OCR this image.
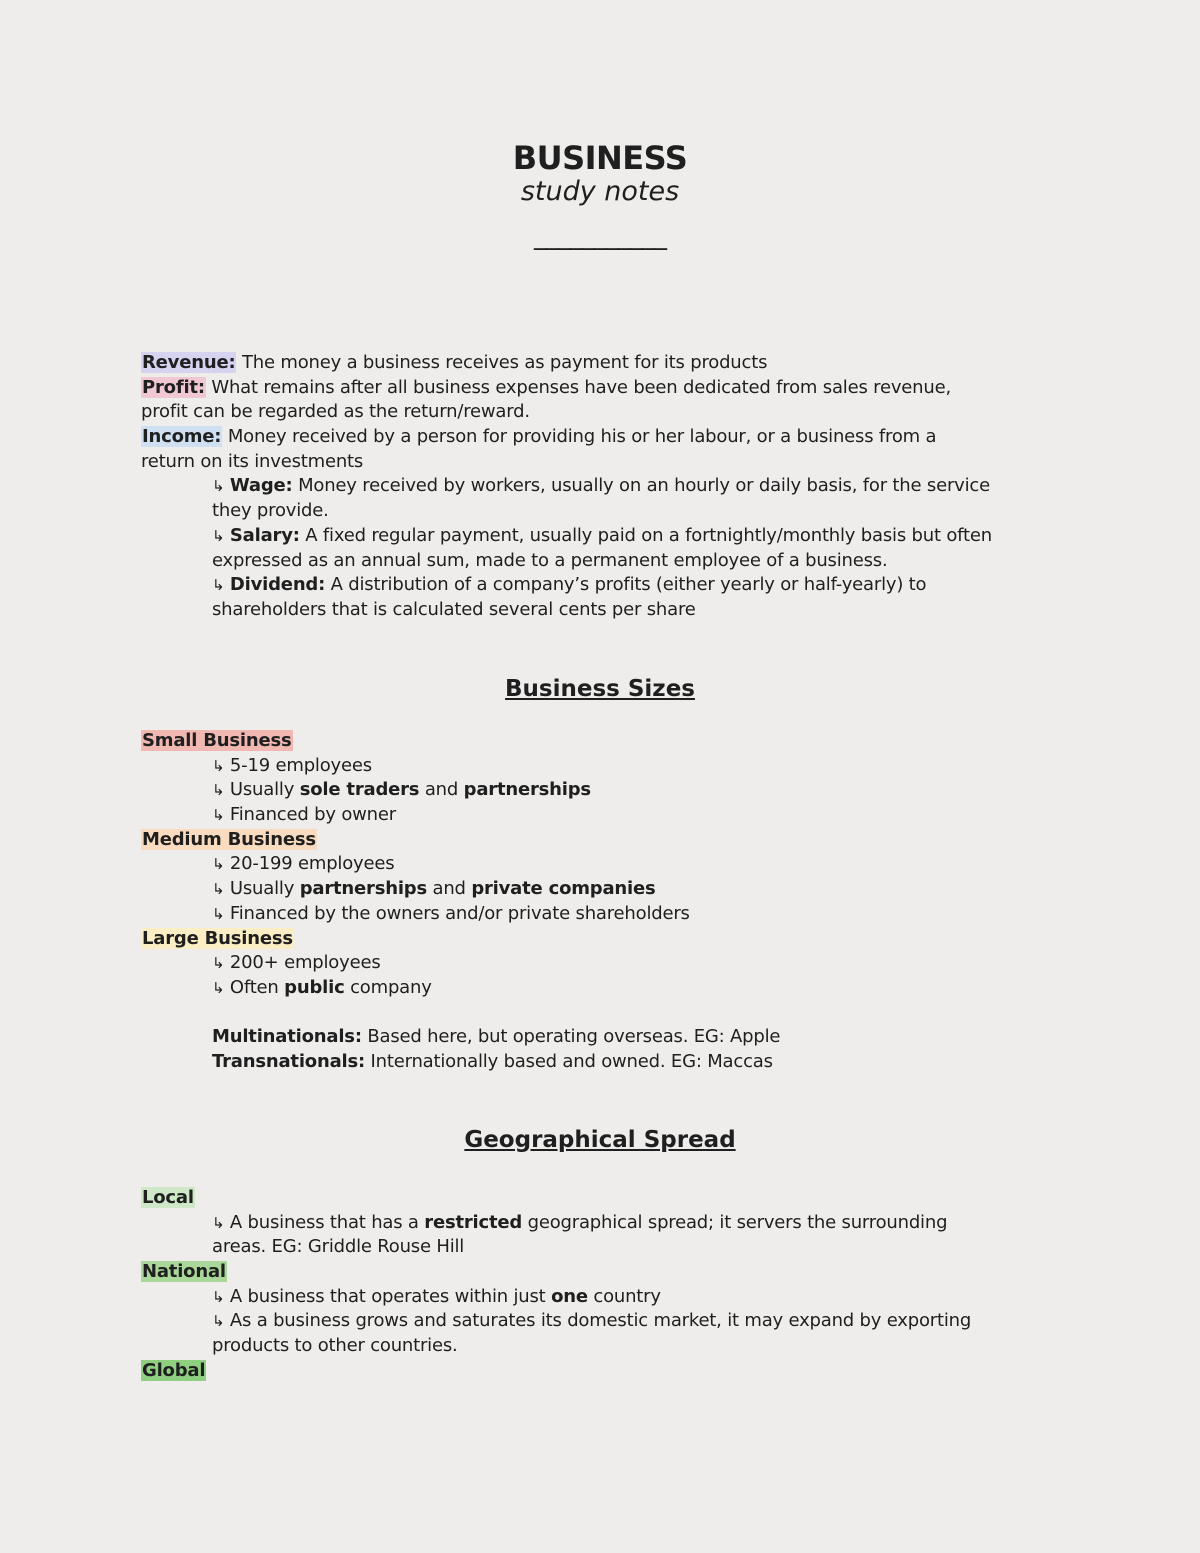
BUSINESS
study notes
___________
Revenue: The money a business receives as payment for its products
Profit: What remains after all business expenses have been dedicated from sales revenue,
profit can be regarded as the return/reward.
Income: Money received by a person for providing his or her labour, or a business from a
return on its investments
↳ Wage: Money received by workers, usually on an hourly or daily basis, for the service
they provide.
↳ Salary: A fixed regular payment, usually paid on a fortnightly/monthly basis but often
expressed as an annual sum, made to a permanent employee of a business.
↳ Dividend: A distribution of a company’s profits (either yearly or half-yearly) to
shareholders that is calculated several cents per share
Business Sizes
Small Business
↳ 5-19 employees
↳ Usually sole traders and partnerships
↳ Financed by owner
Medium Business
↳ 20-199 employees
↳ Usually partnerships and private companies
↳ Financed by the owners and/or private shareholders
Large Business
↳ 200+ employees
↳ Often public company
Multinationals: Based here, but operating overseas. EG: Apple
Transnationals: Internationally based and owned. EG: Maccas
Geographical Spread
Local
↳ A business that has a restricted geographical spread; it servers the surrounding
areas. EG: Griddle Rouse Hill
National
↳ A business that operates within just one country
↳ As a business grows and saturates its domestic market, it may expand by exporting
products to other countries.
Global
